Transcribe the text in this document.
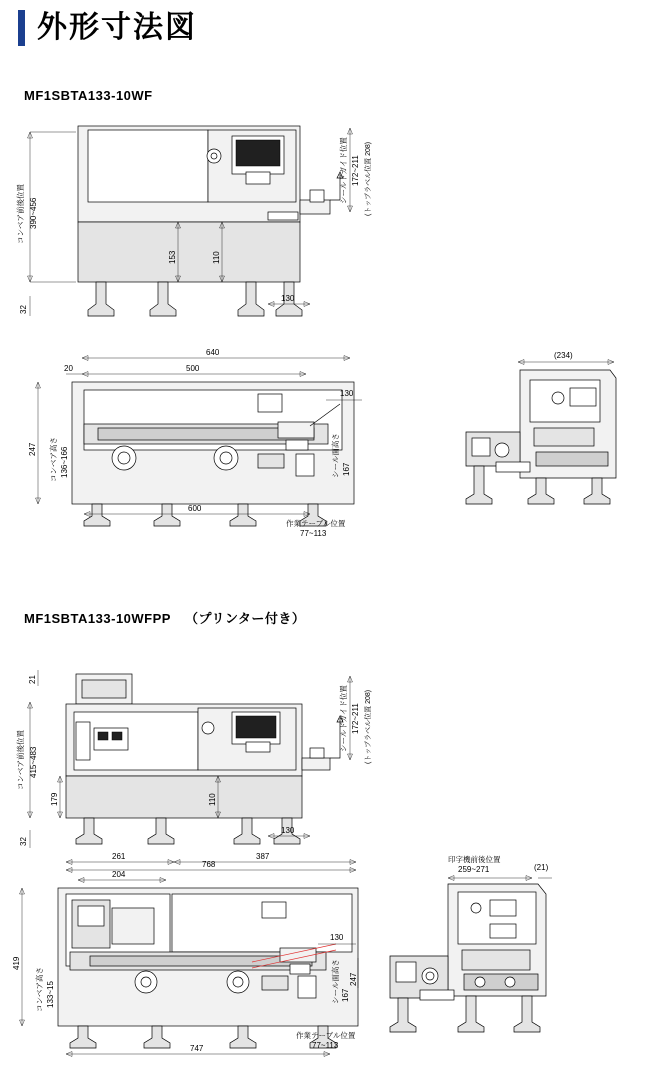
外形寸法図
MF1SBTA133-10WF
コンベア前後位置 390~456
32
153	110
130
シールドガイド位置 172~211 (トップラベル位置 208)
640
500
20
130
247 コンベア高さ 136~166	シール面高さ 167
600
作業テーブル位置
77~113
(234)
MF1SBTA133-10WFPP （プリンター付き）
21
コンベア前後位置 415~483
32
179	110
130
シールドガイド位置 172~211 (トップラベル位置 208)
768
261	387
204
130
419
コンベア高さ 133~15	シール面高さ 167
247
747
作業テーブル位置
77~113
印字機前後位置
259~271	(21)
